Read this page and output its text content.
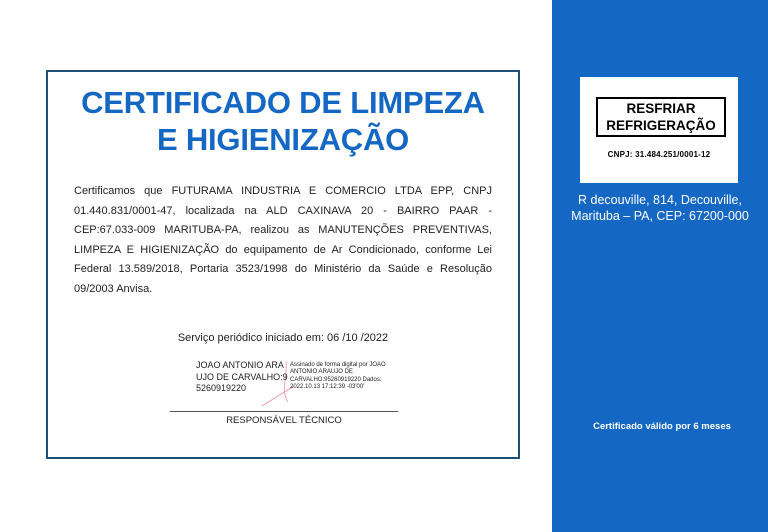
CERTIFICADO DE LIMPEZA
E HIGIENIZAÇÃO
Certificamos que FUTURAMA INDUSTRIA E COMERCIO LTDA EPP, CNPJ 01.440.831/0001-47, localizada na ALD CAXINAVA 20 - BAIRRO PAAR - CEP:67.033-009 MARITUBA-PA, realizou as MANUTENÇÕES PREVENTIVAS, LIMPEZA E HIGIENIZAÇÃO do equipamento de Ar Condicionado, conforme Lei Federal 13.589/2018, Portaria 3523/1998 do Ministério da Saúde e Resolução 09/2003 Anvisa.
Serviço periódico iniciado em: 06 /10 /2022
JOAO ANTONIO ARAUJO DE CARVALHO:95260919220
Assinado de forma digital por JOAO ANTONIO ARAUJO DE CARVALHO:95260919220 Dados: 2022.10.13 17:12:39 -03'00'
RESPONSÁVEL TÉCNICO
RESFRIAR
REFRIGERAÇÃO
CNPJ: 31.484.251/0001-12
R decouville, 814, Decouville, Marituba – PA, CEP: 67200-000
Certificado válido por 6 meses
